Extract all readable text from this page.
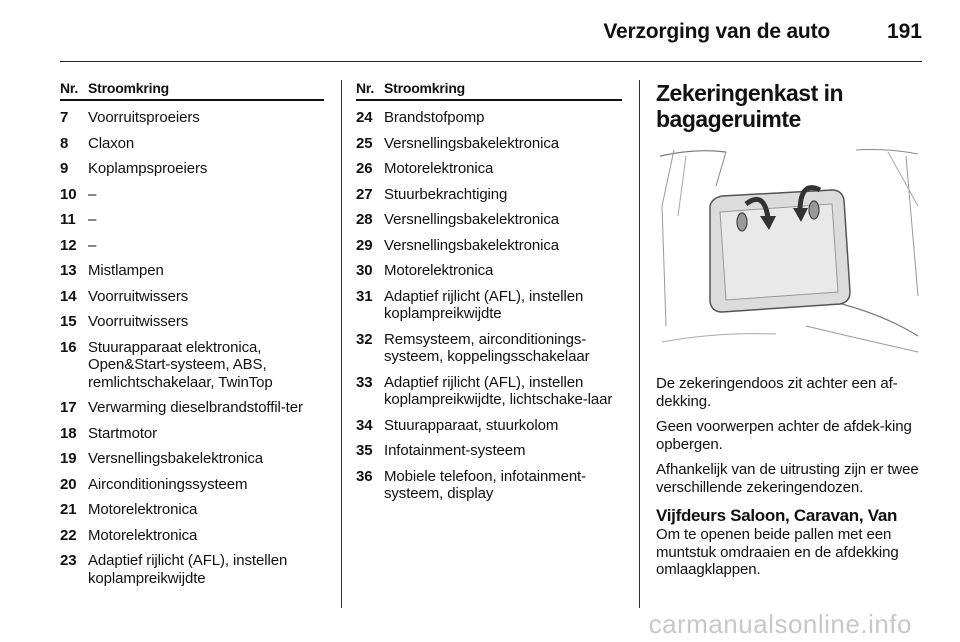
Verzorging van de auto	191
Nr. Stroomkring
7	Voorruitsproeiers
8	Claxon
9	Koplampsproeiers
10 –
11 –
12 –
13 Mistlampen
14 Voorruitwissers
15 Voorruitwissers
16 Stuurapparaat elektronica, Open&Start-systeem, ABS, remlichtschakelaar, TwinTop
17 Verwarming dieselbrandstoffil-ter
18 Startmotor
19 Versnellingsbakelektronica
20 Airconditioningssysteem
21 Motorelektronica
22 Motorelektronica
23 Adaptief rijlicht (AFL), instellen koplampreikwijdte
Nr. Stroomkring
24 Brandstofpomp
25 Versnellingsbakelektronica
26 Motorelektronica
27 Stuurbekrachtiging
28 Versnellingsbakelektronica
29 Versnellingsbakelektronica
30 Motorelektronica
31 Adaptief rijlicht (AFL), instellen koplampreikwijdte
32 Remsysteem, airconditionings-systeem, koppelingsschakelaar
33 Adaptief rijlicht (AFL), instellen koplampreikwijdte, lichtschake-laar
34 Stuurapparaat, stuurkolom
35 Infotainment-systeem
36 Mobiele telefoon, infotainment-systeem, display
Zekeringenkast in
bagageruimte
De zekeringendoos zit achter een af-dekking.
Geen voorwerpen achter de afdek-king opbergen.
Afhankelijk van de uitrusting zijn er twee verschillende zekeringendozen.
Vijfdeurs Saloon, Caravan, Van
Om te openen beide pallen met een muntstuk omdraaien en de afdekking omlaagklappen.
carmanualsonline.info
